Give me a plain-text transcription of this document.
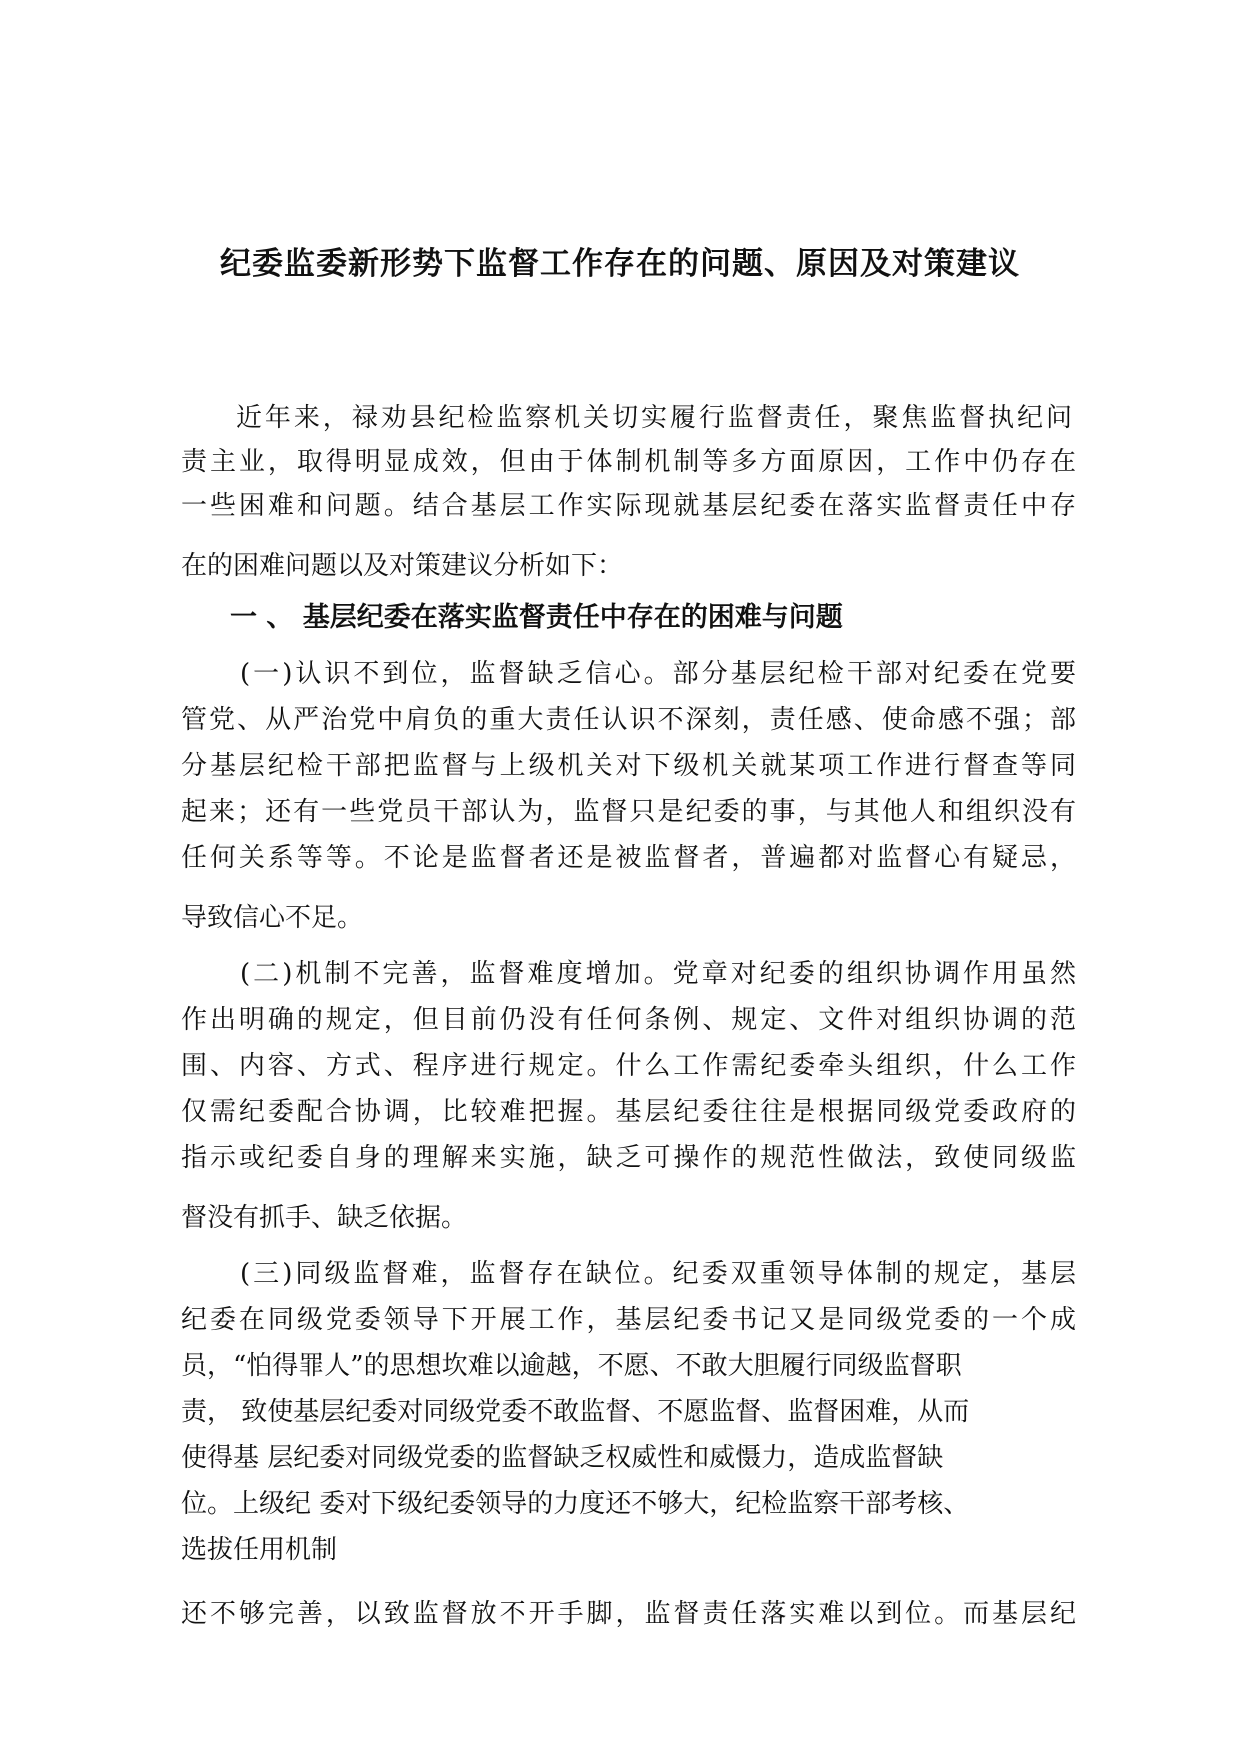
纪委监委新形势下监督工作存在的问题、原因及对策建议

近年来，禄劝县纪检监察机关切实履行监督责任，聚焦监督执纪问

责主业，取得明显成效，但由于体制机制等多方面原因，工作中仍存在

一些困难和问题。结合基层工作实际现就基层纪委在落实监督责任中存

在的困难问题以及对策建议分析如下：

一 、 基层纪委在落实监督责任中存在的困难与问题

(一)认识不到位，监督缺乏信心。部分基层纪检干部对纪委在党要

管党、从严治党中肩负的重大责任认识不深刻，责任感、使命感不强；部

分基层纪检干部把监督与上级机关对下级机关就某项工作进行督查等同

起来；还有一些党员干部认为，监督只是纪委的事，与其他人和组织没有

任何关系等等。不论是监督者还是被监督者，普遍都对监督心有疑忌，

导致信心不足。

(二)机制不完善，监督难度增加。党章对纪委的组织协调作用虽然

作出明确的规定，但目前仍没有任何条例、规定、文件对组织协调的范

围、内容、方式、程序进行规定。什么工作需纪委牵头组织，什么工作

仅需纪委配合协调，比较难把握。基层纪委往往是根据同级党委政府的

指示或纪委自身的理解来实施，缺乏可操作的规范性做法，致使同级监

督没有抓手、缺乏依据。

(三)同级监督难，监督存在缺位。纪委双重领导体制的规定，基层

纪委在同级党委领导下开展工作，基层纪委书记又是同级党委的一个成

员，“怕得罪人”的思想坎难以逾越，不愿、不敢大胆履行同级监督职

责， 致使基层纪委对同级党委不敢监督、不愿监督、监督困难，从而

使得基 层纪委对同级党委的监督缺乏权威性和威慑力，造成监督缺

位。上级纪 委对下级纪委领导的力度还不够大，纪检监察干部考核、

选拔任用机制

还不够完善，以致监督放不开手脚，监督责任落实难以到位。而基层纪
